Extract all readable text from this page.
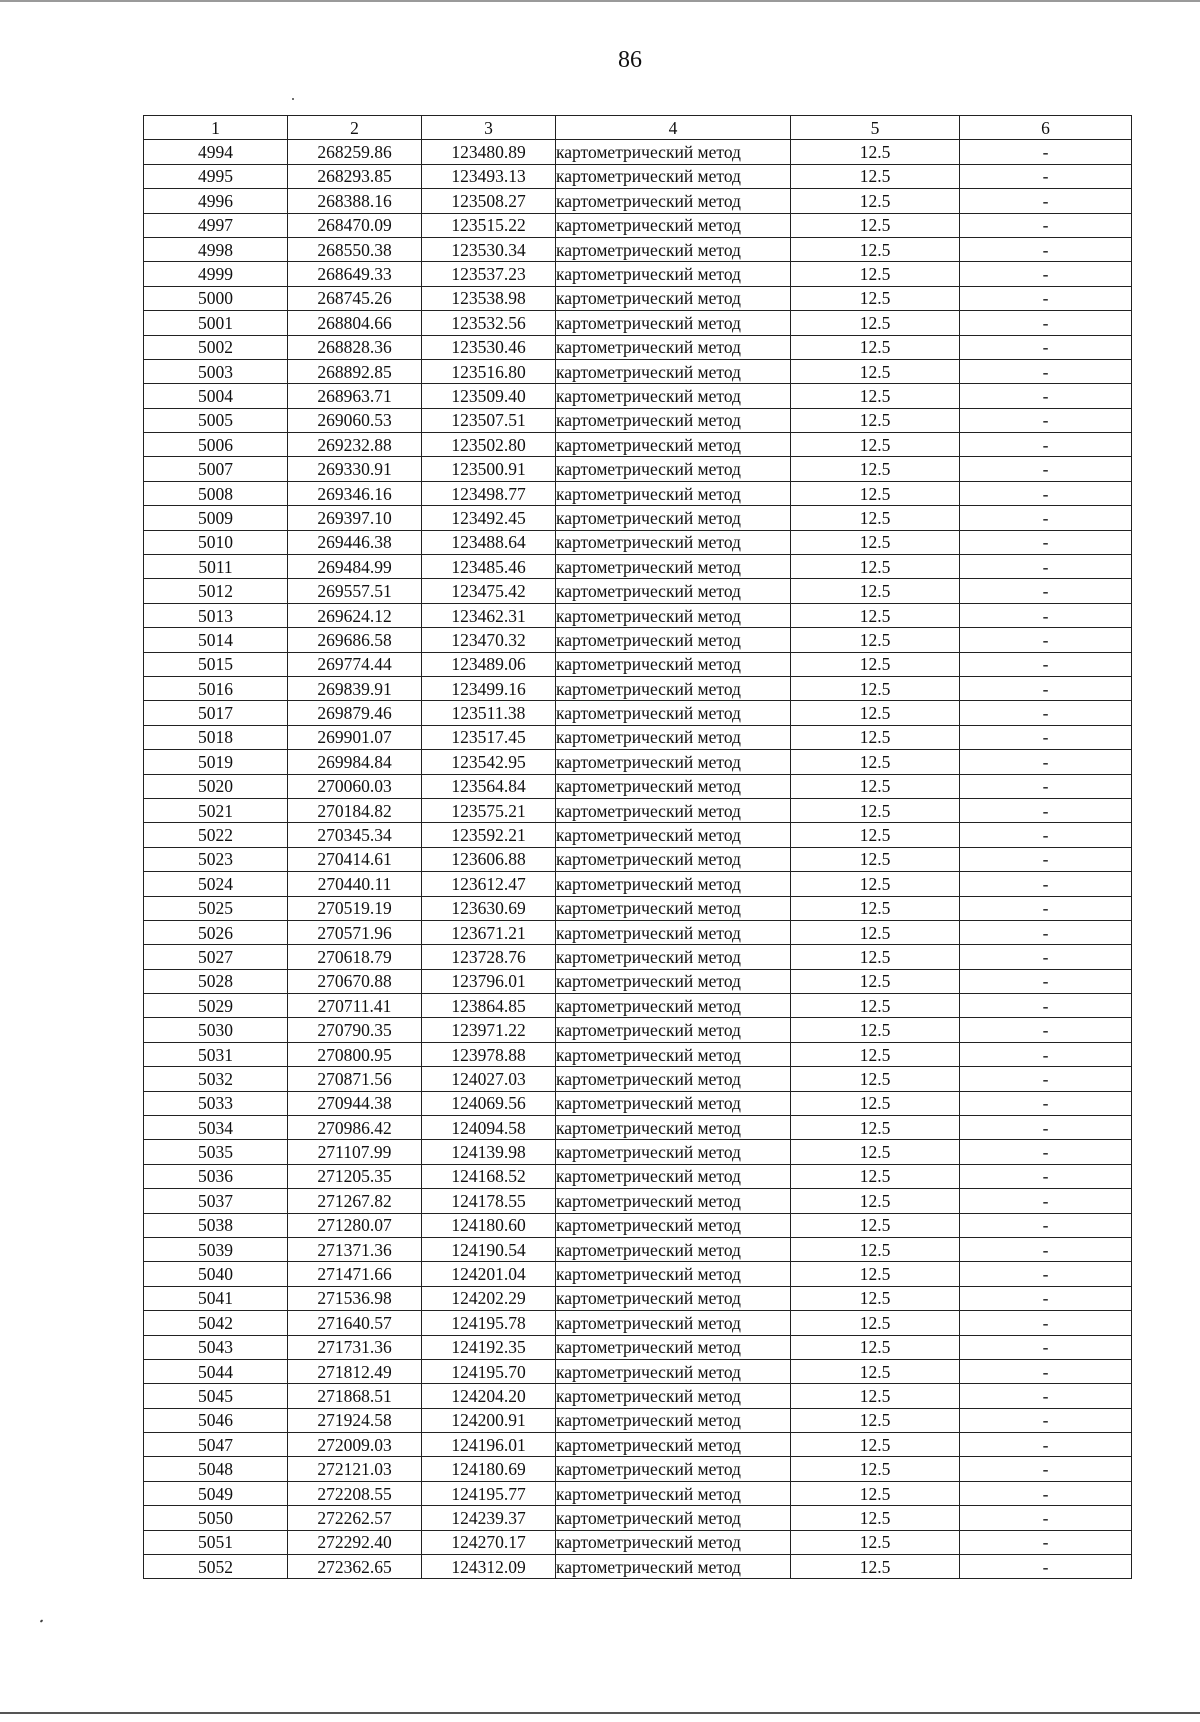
86
1	2	3	4	5	6
4994	268259.86	123480.89	картометрический метод	12.5	-
4995	268293.85	123493.13	картометрический метод	12.5	-
4996	268388.16	123508.27	картометрический метод	12.5	-
4997	268470.09	123515.22	картометрический метод	12.5	-
4998	268550.38	123530.34	картометрический метод	12.5	-
4999	268649.33	123537.23	картометрический метод	12.5	-
5000	268745.26	123538.98	картометрический метод	12.5	-
5001	268804.66	123532.56	картометрический метод	12.5	-
5002	268828.36	123530.46	картометрический метод	12.5	-
5003	268892.85	123516.80	картометрический метод	12.5	-
5004	268963.71	123509.40	картометрический метод	12.5	-
5005	269060.53	123507.51	картометрический метод	12.5	-
5006	269232.88	123502.80	картометрический метод	12.5	-
5007	269330.91	123500.91	картометрический метод	12.5	-
5008	269346.16	123498.77	картометрический метод	12.5	-
5009	269397.10	123492.45	картометрический метод	12.5	-
5010	269446.38	123488.64	картометрический метод	12.5	-
5011	269484.99	123485.46	картометрический метод	12.5	-
5012	269557.51	123475.42	картометрический метод	12.5	-
5013	269624.12	123462.31	картометрический метод	12.5	-
5014	269686.58	123470.32	картометрический метод	12.5	-
5015	269774.44	123489.06	картометрический метод	12.5	-
5016	269839.91	123499.16	картометрический метод	12.5	-
5017	269879.46	123511.38	картометрический метод	12.5	-
5018	269901.07	123517.45	картометрический метод	12.5	-
5019	269984.84	123542.95	картометрический метод	12.5	-
5020	270060.03	123564.84	картометрический метод	12.5	-
5021	270184.82	123575.21	картометрический метод	12.5	-
5022	270345.34	123592.21	картометрический метод	12.5	-
5023	270414.61	123606.88	картометрический метод	12.5	-
5024	270440.11	123612.47	картометрический метод	12.5	-
5025	270519.19	123630.69	картометрический метод	12.5	-
5026	270571.96	123671.21	картометрический метод	12.5	-
5027	270618.79	123728.76	картометрический метод	12.5	-
5028	270670.88	123796.01	картометрический метод	12.5	-
5029	270711.41	123864.85	картометрический метод	12.5	-
5030	270790.35	123971.22	картометрический метод	12.5	-
5031	270800.95	123978.88	картометрический метод	12.5	-
5032	270871.56	124027.03	картометрический метод	12.5	-
5033	270944.38	124069.56	картометрический метод	12.5	-
5034	270986.42	124094.58	картометрический метод	12.5	-
5035	271107.99	124139.98	картометрический метод	12.5	-
5036	271205.35	124168.52	картометрический метод	12.5	-
5037	271267.82	124178.55	картометрический метод	12.5	-
5038	271280.07	124180.60	картометрический метод	12.5	-
5039	271371.36	124190.54	картометрический метод	12.5	-
5040	271471.66	124201.04	картометрический метод	12.5	-
5041	271536.98	124202.29	картометрический метод	12.5	-
5042	271640.57	124195.78	картометрический метод	12.5	-
5043	271731.36	124192.35	картометрический метод	12.5	-
5044	271812.49	124195.70	картометрический метод	12.5	-
5045	271868.51	124204.20	картометрический метод	12.5	-
5046	271924.58	124200.91	картометрический метод	12.5	-
5047	272009.03	124196.01	картометрический метод	12.5	-
5048	272121.03	124180.69	картометрический метод	12.5	-
5049	272208.55	124195.77	картометрический метод	12.5	-
5050	272262.57	124239.37	картометрический метод	12.5	-
5051	272292.40	124270.17	картометрический метод	12.5	-
5052	272362.65	124312.09	картометрический метод	12.5	-
